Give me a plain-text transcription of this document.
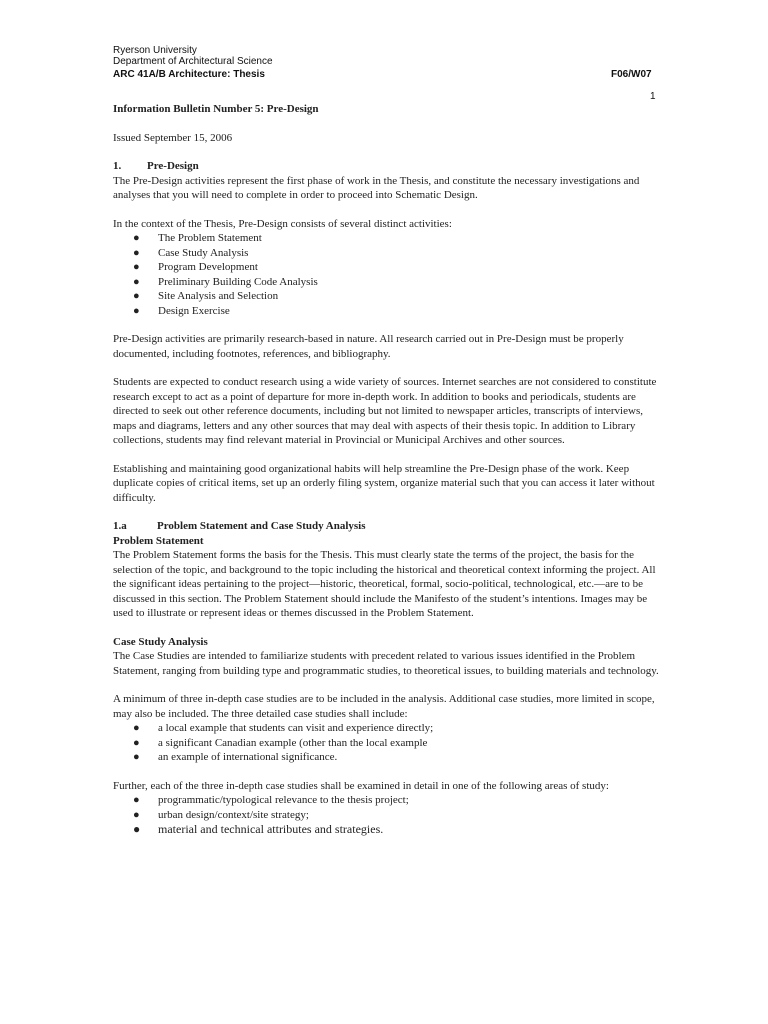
Ryerson University
Department of Architectural Science
ARC 41A/B Architecture: Thesis	F06/W07
1

Information Bulletin Number 5: Pre-Design

Issued September 15, 2006

1. Pre-Design

The Pre-Design activities represent the first phase of work in the Thesis, and constitute the necessary investigations and analyses that you will need to complete in order to proceed into Schematic Design.

In the context of the Thesis, Pre-Design consists of several distinct activities:

● The Problem Statement
● Case Study Analysis
● Program Development
● Preliminary Building Code Analysis
● Site Analysis and Selection
● Design Exercise

Pre-Design activities are primarily research-based in nature. All research carried out in Pre-Design must be properly documented, including footnotes, references, and bibliography.

Students are expected to conduct research using a wide variety of sources. Internet searches are not considered to constitute research except to act as a point of departure for more in-depth work. In addition to books and periodicals, students are directed to seek out other reference documents, including but not limited to newspaper articles, transcripts of interviews, maps and diagrams, letters and any other sources that may deal with aspects of their thesis topic. In addition to Library collections, students may find relevant material in Provincial or Municipal Archives and other sources.

Establishing and maintaining good organizational habits will help streamline the Pre-Design phase of the work. Keep duplicate copies of critical items, set up an orderly filing system, organize material such that you can access it later without difficulty.

1.a	Problem Statement and Case Study Analysis

Problem Statement

The Problem Statement forms the basis for the Thesis. This must clearly state the terms of the project, the basis for the selection of the topic, and background to the topic including the historical and theoretical context informing the project. All the significant ideas pertaining to the project—historic, theoretical, formal, socio-political, technological, etc.—are to be discussed in this section. The Problem Statement should include the Manifesto of the student’s intentions. Images may be used to illustrate or represent ideas or themes discussed in the Problem Statement.

Case Study Analysis

The Case Studies are intended to familiarize students with precedent related to various issues identified in the Problem Statement, ranging from building type and programmatic studies, to theoretical issues, to building materials and technology.

A minimum of three in-depth case studies are to be included in the analysis. Additional case studies, more limited in scope, may also be included. The three detailed case studies shall include:

● a local example that students can visit and experience directly;
● a significant Canadian example (other than the local example
● an example of international significance.

Further, each of the three in-depth case studies shall be examined in detail in one of the following areas of study:

● programmatic/typological relevance to the thesis project;
● urban design/context/site strategy;
● material and technical attributes and strategies.
